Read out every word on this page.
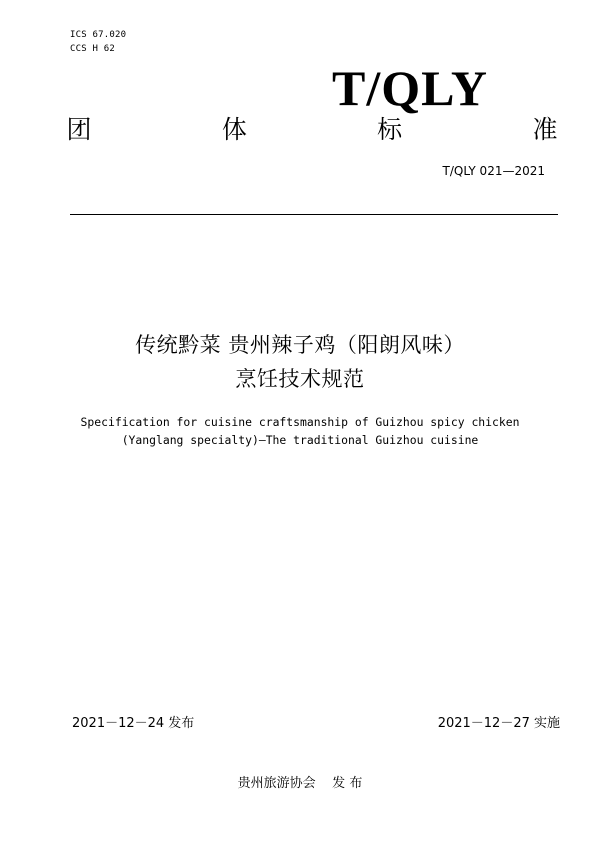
ICS 67.020
CCS H 62
T/QLY
团	体	标	准
T/QLY 021—2021
传统黔菜 贵州辣子鸡（阳朗风味）
烹饪技术规范
Specification for cuisine craftsmanship of Guizhou spicy chicken
(Yanglang specialty)—The traditional Guizhou cuisine
2021－12－24 发布	2021－12－27 实施
贵州旅游协会    发 布
